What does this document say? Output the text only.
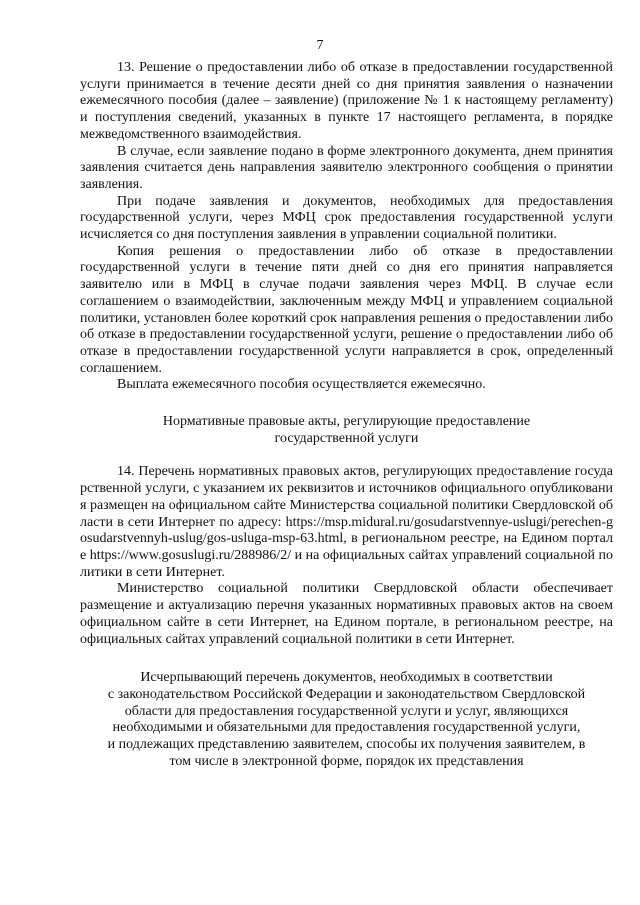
7

13. Решение о предоставлении либо об отказе в предоставлении государственной услуги принимается в течение десяти дней со дня принятия заявления о назначении ежемесячного пособия (далее – заявление) (приложение № 1 к настоящему регламенту) и поступления сведений, указанных в пункте 17 настоящего регламента, в порядке межведомственного взаимодействия.

В случае, если заявление подано в форме электронного документа, днем принятия заявления считается день направления заявителю электронного сообщения о принятии заявления.

При подаче заявления и документов, необходимых для предоставления государственной услуги, через МФЦ срок предоставления государственной услуги исчисляется со дня поступления заявления в управлении социальной политики.

Копия решения о предоставлении либо об отказе в предоставлении государственной услуги в течение пяти дней со дня его принятия направляется заявителю или в МФЦ в случае подачи заявления через МФЦ. В случае если соглашением о взаимодействии, заключенным между МФЦ и управлением социальной политики, установлен более короткий срок направления решения о предоставлении либо об отказе в предоставлении государственной услуги, решение о предоставлении либо об отказе в предоставлении государственной услуги направляется в срок, определенный соглашением.

Выплата ежемесячного пособия осуществляется ежемесячно.

Нормативные правовые акты, регулирующие предоставление
государственной услуги

14. Перечень нормативных правовых актов, регулирующих предоставление государственной услуги, с указанием их реквизитов и источников официального опубликования размещен на официальном сайте Министерства социальной политики Свердловской области в сети Интернет по адресу: https://msp.midural.ru/gosudarstvennye-uslugi/perechen-gosudarstvennyh-uslug/gos-usluga-msp-63.html, в региональном реестре, на Едином портале https://www.gosuslugi.ru/288986/2/ и на официальных сайтах управлений социальной политики в сети Интернет.

Министерство социальной политики Свердловской области обеспечивает размещение и актуализацию перечня указанных нормативных правовых актов на своем официальном сайте в сети Интернет, на Едином портале, в региональном реестре, на официальных сайтах управлений социальной политики в сети Интернет.

Исчерпывающий перечень документов, необходимых в соответствии
с законодательством Российской Федерации и законодательством Свердловской
области для предоставления государственной услуги и услуг, являющихся
необходимыми и обязательными для предоставления государственной услуги,
и подлежащих представлению заявителем, способы их получения заявителем, в
том числе в электронной форме, порядок их представления
